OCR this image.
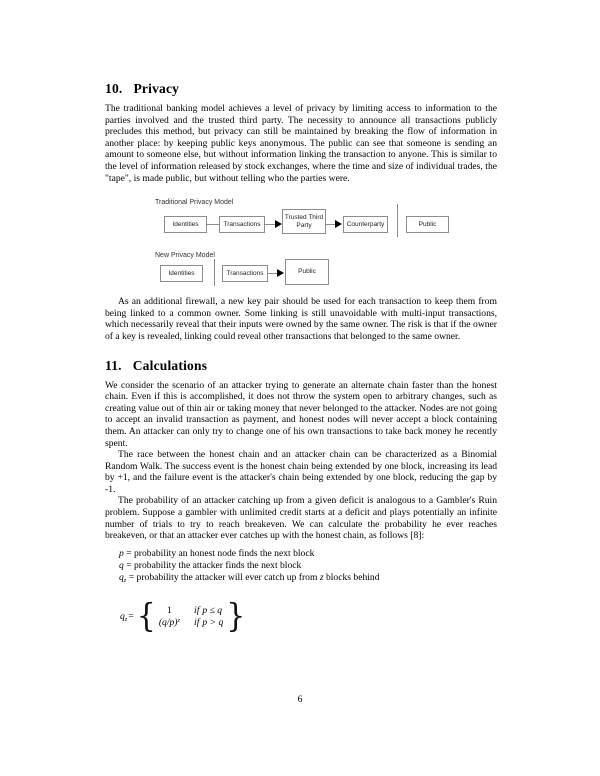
10. Privacy

The traditional banking model achieves a level of privacy by limiting access to information to the parties involved and the trusted third party. The necessity to announce all transactions publicly precludes this method, but privacy can still be maintained by breaking the flow of information in another place: by keeping public keys anonymous. The public can see that someone is sending an amount to someone else, but without information linking the transaction to anyone. This is similar to the level of information released by stock exchanges, where the time and size of individual trades, the "tape", is made public, but without telling who the parties were.

Traditional Privacy Model
Identities	Transactions
Trusted Third Party	Counterparty	Public
New Privacy Model
Identities	Transactions	Public

As an additional firewall, a new key pair should be used for each transaction to keep them from being linked to a common owner. Some linking is still unavoidable with multi-input transactions, which necessarily reveal that their inputs were owned by the same owner. The risk is that if the owner of a key is revealed, linking could reveal other transactions that belonged to the same owner.

11. Calculations

We consider the scenario of an attacker trying to generate an alternate chain faster than the honest chain. Even if this is accomplished, it does not throw the system open to arbitrary changes, such as creating value out of thin air or taking money that never belonged to the attacker. Nodes are not going to accept an invalid transaction as payment, and honest nodes will never accept a block containing them. An attacker can only try to change one of his own transactions to take back money he recently spent.

The race between the honest chain and an attacker chain can be characterized as a Binomial Random Walk. The success event is the honest chain being extended by one block, increasing its lead by +1, and the failure event is the attacker's chain being extended by one block, reducing the gap by -1.

The probability of an attacker catching up from a given deficit is analogous to a Gambler's Ruin problem. Suppose a gambler with unlimited credit starts at a deficit and plays potentially an infinite number of trials to try to reach breakeven. We can calculate the probability he ever reaches breakeven, or that an attacker ever catches up with the honest chain, as follows [8]:

p = probability an honest node finds the next block
q = probability the attacker finds the next block
$q_z$ = probability the attacker will ever catch up from z blocks behind
$q_z=$ { 1 if p ≤ q
$(q/p)^z$ if p > q }
6
